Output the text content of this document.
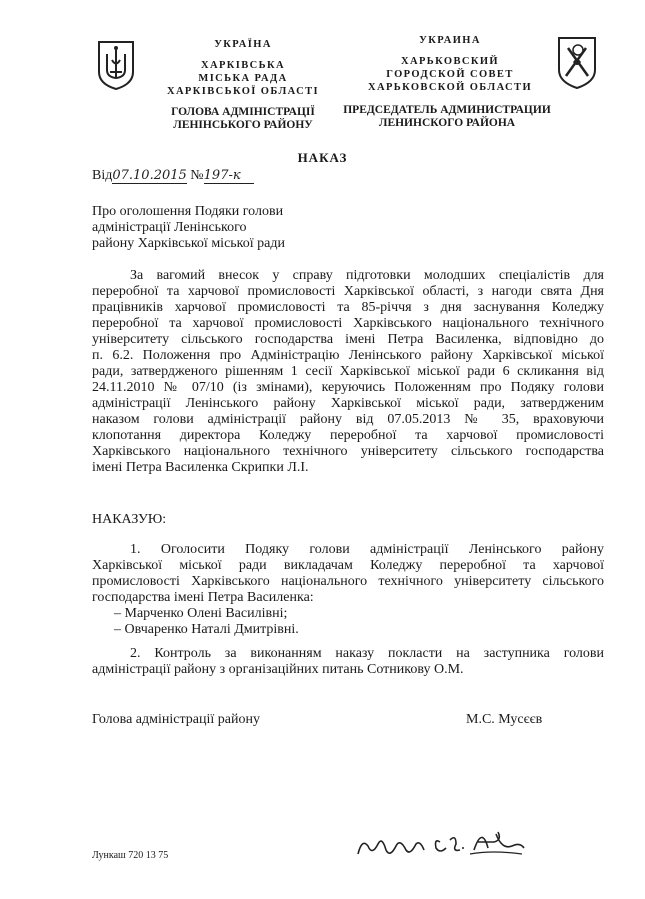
УКРАЇНА
ХАРКІВСЬКА
МІСЬКА РАДА
ХАРКІВСЬКОЇ ОБЛАСТІ
ГОЛОВА АДМІНІСТРАЦІЇ
ЛЕНІНСЬКОГО РАЙОНУ
УКРАИНА
ХАРЬКОВСКИЙ
ГОРОДСКОЙ СОВЕТ
ХАРЬКОВСКОЙ ОБЛАСТИ
ПРЕДСЕДАТЕЛЬ АДМИНИСТРАЦИИ
ЛЕНИНСКОГО РАЙОНА
НАКАЗ
Від07.10.2015 №197-к
Про оголошення Подяки голови
адміністрації Ленінського
району Харківської міської ради
За вагомий внесок у справу підготовки молодших спеціалістів для
переробної та харчової промисловості Харківської області, з нагоди свята Дня
працівників харчової промисловості та 85-річчя з дня заснування Коледжу
переробної та харчової промисловості Харківського національного технічного
університету сільського господарства імені Петра Василенка, відповідно до
п. 6.2. Положення про Адміністрацію Ленінського району Харківської міської
ради, затвердженого рішенням 1 сесії Харківської міської ради 6 скликання від
24.11.2010 № 07/10 (із змінами), керуючись Положенням про Подяку голови
адміністрації Ленінського району Харківської міської ради, затвердженим
наказом голови адміністрації району від 07.05.2013 № 35, враховуючи
клопотання директора Коледжу переробної та харчової промисловості
Харківського національного технічного університету сільського господарства
імені Петра Василенка Скрипки Л.І.
НАКАЗУЮ:
1. Оголосити Подяку голови адміністрації Ленінського району
Харківської міської ради викладачам Коледжу переробної та харчової
промисловості Харківського національного технічного університету сільського
господарства імені Петра Василенка:
– Марченко Олені Василівні;
– Овчаренко Наталі Дмитрівні.
2. Контроль за виконанням наказу покласти на заступника голови
адміністрації району з організаційних питань Сотникову О.М.
Голова адміністрації району	М.С. Мусєєв
Лункаш 720 13 75
